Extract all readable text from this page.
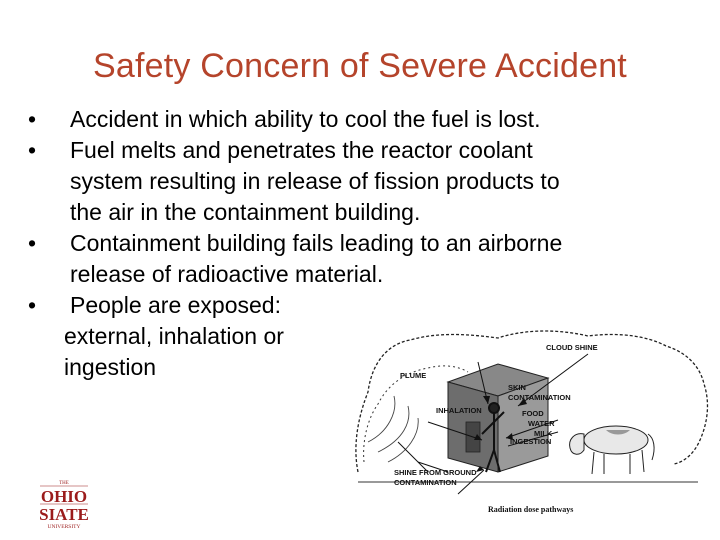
Safety Concern of Severe Accident
•	Accident in which ability to cool the fuel is lost.
•	Fuel melts and penetrates the reactor coolant
system resulting in release of fission products to
the air in the containment building.
•	Containment building fails leading to an airborne
release of radioactive material.
•	People are exposed:
external, inhalation or
ingestion
CLOUD SHINE
PLUME
SKIN
CONTAMINATION
INHALATION	FOOD
WATER
MILK
INGESTION
SHINE FROM GROUND
CONTAMINATION
Radiation dose pathways
THE
OHIO
SIATE
UNIVERSITY
